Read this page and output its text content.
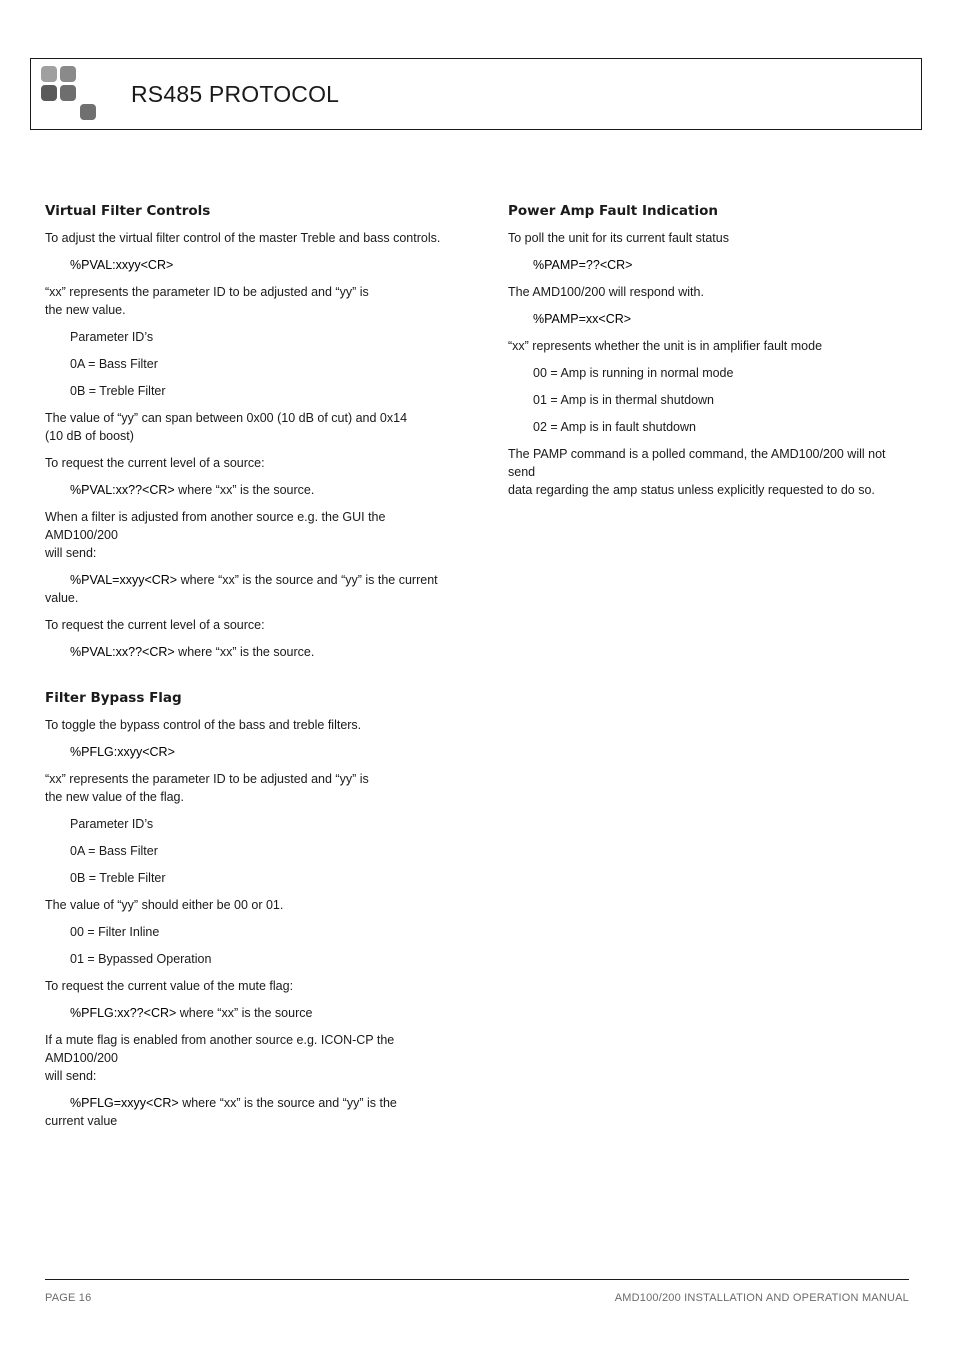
RS485 PROTOCOL
Virtual Filter Controls

To adjust the virtual filter control of the master Treble and bass controls.

%PVAL:xxyy<CR>

“xx” represents the parameter ID to be adjusted and “yy” is
the new value.

Parameter ID’s

0A = Bass Filter

0B = Treble Filter

The value of “yy” can span between 0x00 (10 dB of cut) and 0x14
(10 dB of boost)

To request the current level of a source:

%PVAL:xx??<CR> where “xx” is the source.

When a filter is adjusted from another source e.g. the GUI the AMD100/200
will send:

%PVAL=xxyy<CR> where “xx” is the source and “yy” is the current
value.

To request the current level of a source:

%PVAL:xx??<CR> where “xx” is the source.

Filter Bypass Flag

To toggle the bypass control of the bass and treble filters.

%PFLG:xxyy<CR>

“xx” represents the parameter ID to be adjusted and “yy” is
the new value of the flag.

Parameter ID’s

0A = Bass Filter

0B = Treble Filter

The value of “yy” should either be 00 or 01.

00 = Filter Inline

01 = Bypassed Operation

To request the current value of the mute flag:

%PFLG:xx??<CR> where “xx” is the source

If a mute flag is enabled from another source e.g. ICON-CP the AMD100/200
will send:

%PFLG=xxyy<CR> where “xx” is the source and “yy” is the
current value

Power Amp Fault Indication

To poll the unit for its current fault status

%PAMP=??<CR>

The AMD100/200 will respond with.

%PAMP=xx<CR>

“xx” represents whether the unit is in amplifier fault mode

00 = Amp is running in normal mode

01 = Amp is in thermal shutdown

02 = Amp is in fault shutdown

The PAMP command is a polled command, the AMD100/200 will not send
data regarding the amp status unless explicitly requested to do so.

PAGE 16	AMD100/200 INSTALLATION AND OPERATION MANUAL
